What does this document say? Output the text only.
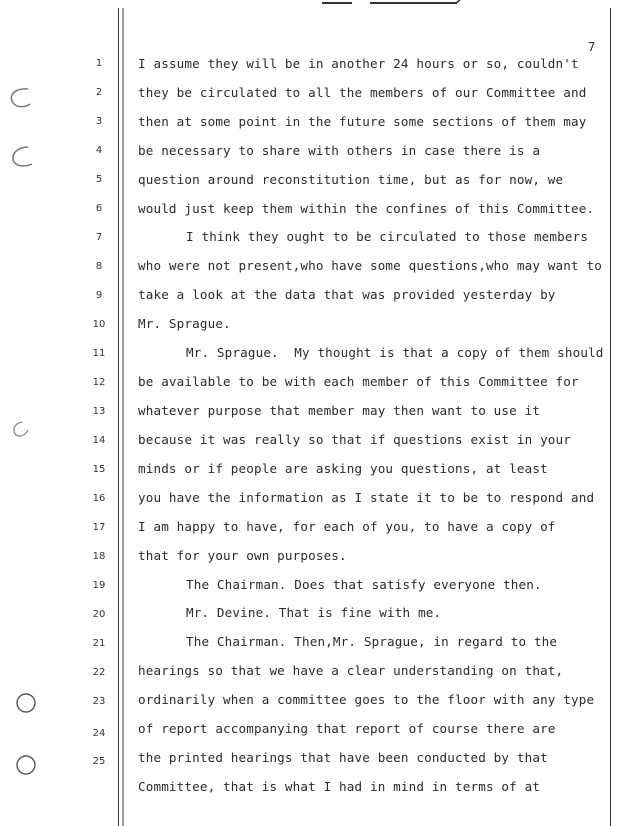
7
1
2
3
4
5
6
7
8
9
10
11
12
13
14
15
16
17
18
19
20
21
22
23
24
25
I assume they will be in another 24 hours or so, couldn't
they be circulated to all the members of our Committee and
then at some point in the future some sections of them may
be necessary to share with others in case there is a
question around reconstitution time, but as for now, we
would just keep them within the confines of this Committee.
I think they ought to be circulated to those members
who were not present,who have some questions,who may want to
take a look at the data that was provided yesterday by
Mr. Sprague.
Mr. Sprague.  My thought is that a copy of them should
be available to be with each member of this Committee for
whatever purpose that member may then want to use it
because it was really so that if questions exist in your
minds or if people are asking you questions, at least
you have the information as I state it to be to respond and
I am happy to have, for each of you, to have a copy of
that for your own purposes.
The Chairman. Does that satisfy everyone then.
Mr. Devine. That is fine with me.
The Chairman. Then,Mr. Sprague, in regard to the
hearings so that we have a clear understanding on that,
ordinarily when a committee goes to the floor with any type
of report accompanying that report of course there are
the printed hearings that have been conducted by that
Committee, that is what I had in mind in terms of at
